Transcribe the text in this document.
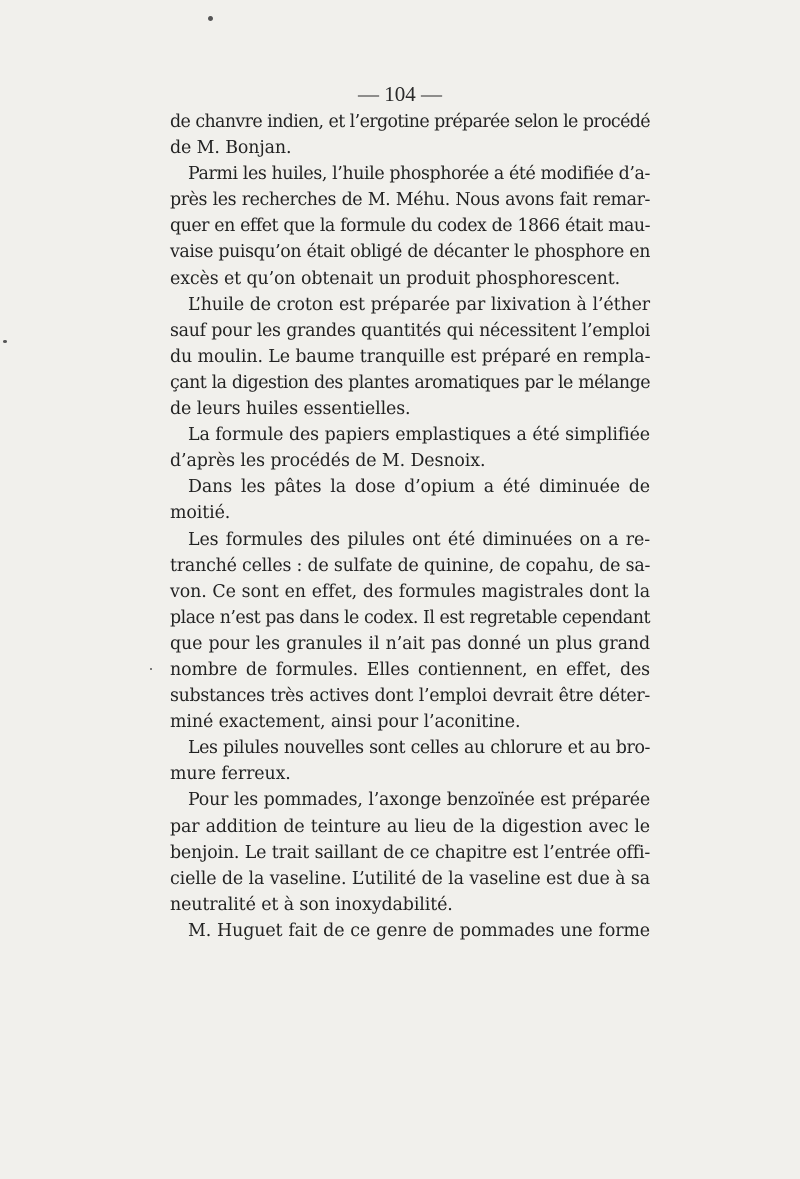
— 104 —
de chanvre indien, et l’ergotine préparée selon le procédé
de M. Bonjan.
Parmi les huiles, l’huile phosphorée a été modifiée d’a-
près les recherches de M. Méhu. Nous avons fait remar-
quer en effet que la formule du codex de 1866 était mau-
vaise puisqu’on était obligé de décanter le phosphore en
excès et qu’on obtenait un produit phosphorescent.
L’huile de croton est préparée par lixivation à l’éther
sauf pour les grandes quantités qui nécessitent l’emploi
du moulin. Le baume tranquille est préparé en rempla-
çant la digestion des plantes aromatiques par le mélange
de leurs huiles essentielles.
La formule des papiers emplastiques a été simplifiée
d’après les procédés de M. Desnoix.
Dans les pâtes la dose d’opium a été diminuée de
moitié.
Les formules des pilules ont été diminuées on a re-
tranché celles : de sulfate de quinine, de copahu, de sa-
von. Ce sont en effet, des formules magistrales dont la
place n’est pas dans le codex. Il est regretable cependant
que pour les granules il n’ait pas donné un plus grand
nombre de formules. Elles contiennent, en effet, des
substances très actives dont l’emploi devrait être déter-
miné exactement, ainsi pour l’aconitine.
Les pilules nouvelles sont celles au chlorure et au bro-
mure ferreux.
Pour les pommades, l’axonge benzoïnée est préparée
par addition de teinture au lieu de la digestion avec le
benjoin. Le trait saillant de ce chapitre est l’entrée offi-
cielle de la vaseline. L’utilité de la vaseline est due à sa
neutralité et à son inoxydabilité.
M. Huguet fait de ce genre de pommades une forme
